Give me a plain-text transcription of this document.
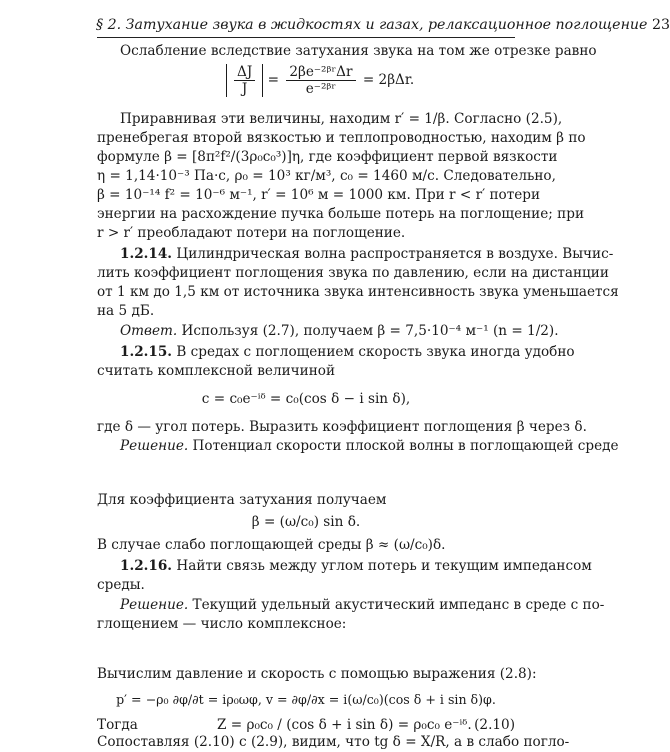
§ 2. Затухание звука в жидкостях и газах, релаксационное поглощение 23
Ослабление вследствие затухания звука на том же отрезке равно
$\frac{\Delta J}{J} = \frac{\text{2βe⁻²ᵝʳΔr}}{\text{e⁻²ᵝʳ}} = 2\beta\Delta r$.
Приравнивая эти величины, находим r′ = 1/β. Согласно (2.5),
пренебрегая второй вязкостью и теплопроводностью, находим β по
формуле β = [8π²f²/(3ρ₀c₀³)]η, где коэффициент первой вязкости
η = 1,14·10⁻³ Па·с, ρ₀ = 10³ кг/м³, c₀ = 1460 м/с. Следовательно,
β = 10⁻¹⁴ f² = 10⁻⁶ м⁻¹, r′ = 10⁶ м = 1000 км. При r < r′ потери
энергии на расхождение пучка больше потерь на поглощение; при
r > r′ преобладают потери на поглощение.
1.2.14. Цилиндрическая волна распространяется в воздухе. Вычис-
лить коэффициент поглощения звука по давлению, если на дистанции
от 1 км до 1,5 км от источника звука интенсивность звука уменьшается
на 5 дБ.
Ответ. Используя (2.7), получаем β = 7,5·10⁻⁴ м⁻¹ (n = 1/2).
1.2.15. В средах с поглощением скорость звука иногда удобно
считать комплексной величиной
c = c₀e⁻ⁱᵟ = c₀(cos δ − i sin δ),
где δ — угол потерь. Выразить коэффициент поглощения β через δ.
Решение. Потенциал скорости плоской волны в поглощающей среде
Для коэффициента затухания получаем
β = (ω/c₀) sin δ.
В случае слабо поглощающей среды β ≈ (ω/c₀)δ.
1.2.16. Найти связь между углом потерь и текущим импедансом
среды.
Решение. Текущий удельный акустический импеданс в среде с по-
глощением — число комплексное:
Вычислим давление и скорость с помощью выражения (2.8):
p′ = −ρ₀ ∂φ/∂t = iρ₀ωφ, v = ∂φ/∂x = i(ω/c₀)(cos δ + i sin δ)φ.
Тогда	Z = ρ₀c₀ / (cos δ + i sin δ) = ρ₀c₀ e⁻ⁱᵟ. (2.10)
Сопоставляя (2.10) с (2.9), видим, что tg δ = X/R, а в слабо погло-
